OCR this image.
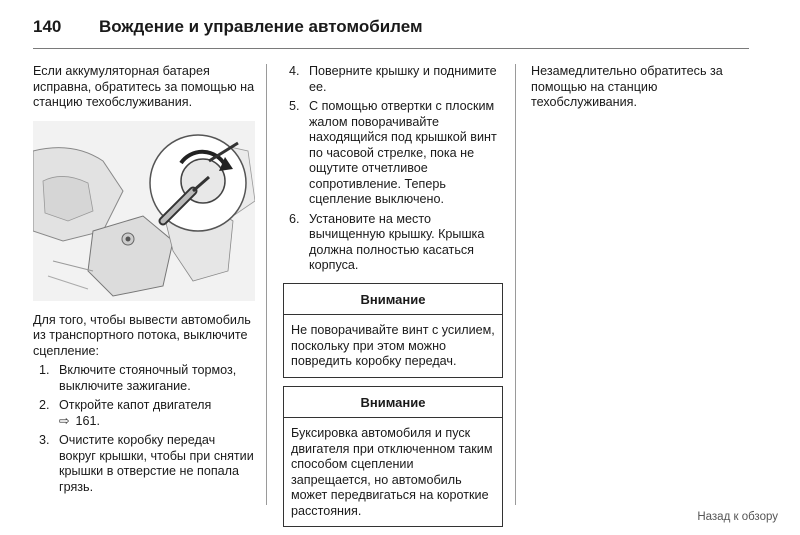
140	Вождение и управление автомобилем

Если аккумуляторная батарея исправна, обратитесь за помощью на станцию техобслуживания.

Для того, чтобы вывести автомобиль из транспортного потока, выключите сцепление:

1. Включите стояночный тормоз, выключите зажигание.
2. Откройте капот двигателя
⇨ 161.
3. Очистите коробку передач вокруг крышки, чтобы при снятии крышки в отверстие не попала грязь.
4. Поверните крышку и поднимите ее.
5. С помощью отвертки с плоским жалом поворачивайте находящийся под крышкой винт по часовой стрелке, пока не ощутите отчетливое сопротивление. Теперь сцепление выключено.
6. Установите на место вычищенную крышку. Крышка должна полностью касаться корпуса.
Внимание
Не поворачивайте винт с усилием, поскольку при этом можно повредить коробку передач.
Внимание
Буксировка автомобиля и пуск двигателя при отключенном таким способом сцеплении запрещается, но автомобиль может передвигаться на короткие расстояния.

Незамедлительно обратитесь за помощью на станцию техобслуживания.

Назад к обзору
